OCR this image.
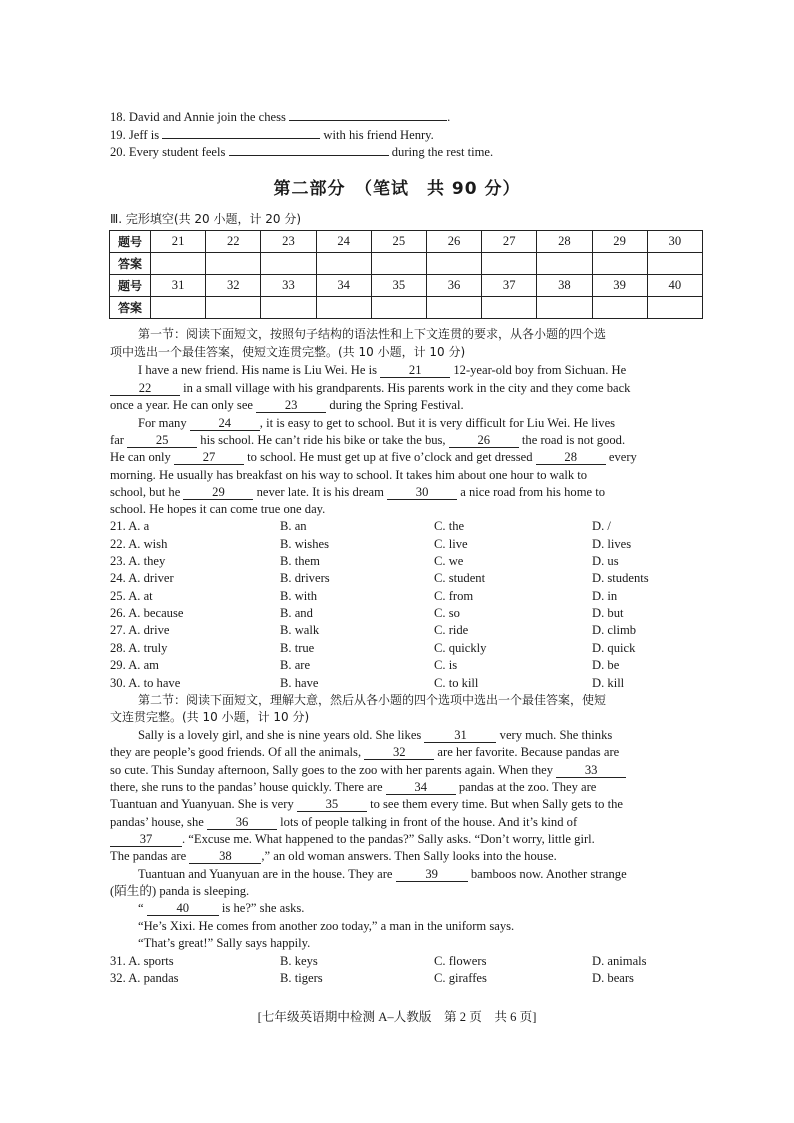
18. David and Annie join the chess	.
19. Jeff is	with his friend Henry.
20. Every student feels	during the rest time.
第二部分　（笔试　共 90 分）
Ⅲ. 完形填空(共 20 小题，计 20 分)
题号	21	22	23	24	25	26	27	28	29	30
答案										
题号	31	32	33	34	35	36	37	38	39	40
答案										
第一节：阅读下面短文，按照句子结构的语法性和上下文连贯的要求，从各小题的四个选
项中选出一个最佳答案，使短文连贯完整。(共 10 小题，计 10 分)
I have a new friend. His name is Liu Wei. He is	21	12-year-old boy from Sichuan. He
22	in a small village with his grandparents. His parents work in the city and they come back
once a year. He can only see	23	during the Spring Festival.
For many	24 , it is easy to get to school. But it is very difficult for Liu Wei. He lives
far	25	his school. He can’t ride his bike or take the bus,	26	the road is not good.
He can only	27	to school. He must get up at five o’clock and get dressed	28	every
morning. He usually has breakfast on his way to school. It takes him about one hour to walk to
school, but he	29	never late. It is his dream	30	a nice road from his home to
school. He hopes it can come true one day.
21. A. a	B. an	C. the	D. /
22. A. wish	B. wishes	C. live	D. lives
23. A. they	B. them	C. we	D. us
24. A. driver	B. drivers	C. student	D. students
25. A. at	B. with	C. from	D. in
26. A. because	B. and	C. so	D. but
27. A. drive	B. walk	C. ride	D. climb
28. A. truly	B. true	C. quickly	D. quick
29. A. am	B. are	C. is	D. be
30. A. to have	B. have	C. to kill	D. kill
第二节：阅读下面短文，理解大意，然后从各小题的四个选项中选出一个最佳答案，使短
文连贯完整。(共 10 小题，计 10 分)
Sally is a lovely girl, and she is nine years old. She likes	31	very much. She thinks
they are people’s good friends. Of all the animals,	32	are her favorite. Because pandas are
so cute. This Sunday afternoon, Sally goes to the zoo with her parents again. When they	33
there, she runs to the pandas’ house quickly. There are	34	pandas at the zoo. They are
Tuantuan and Yuanyuan. She is very	35	to see them every time. But when Sally gets to the
pandas’ house, she	36	lots of people talking in front of the house. And it’s kind of
37 . “Excuse me. What happened to the pandas?” Sally asks. “Don’t worry, little girl.
The pandas are	38 ,” an old woman answers. Then Sally looks into the house.
Tuantuan and Yuanyuan are in the house. They are	39	bamboos now. Another strange
(陌生的) panda is sleeping.
“	40	is he?” she asks.
“He’s Xixi. He comes from another zoo today,” a man in the uniform says.
“That’s great!” Sally says happily.
31. A. sports	B. keys	C. flowers	D. animals
32. A. pandas	B. tigers	C. giraffes	D. bears
[七年级英语期中检测 A–人教版　第 2 页　共 6 页]
